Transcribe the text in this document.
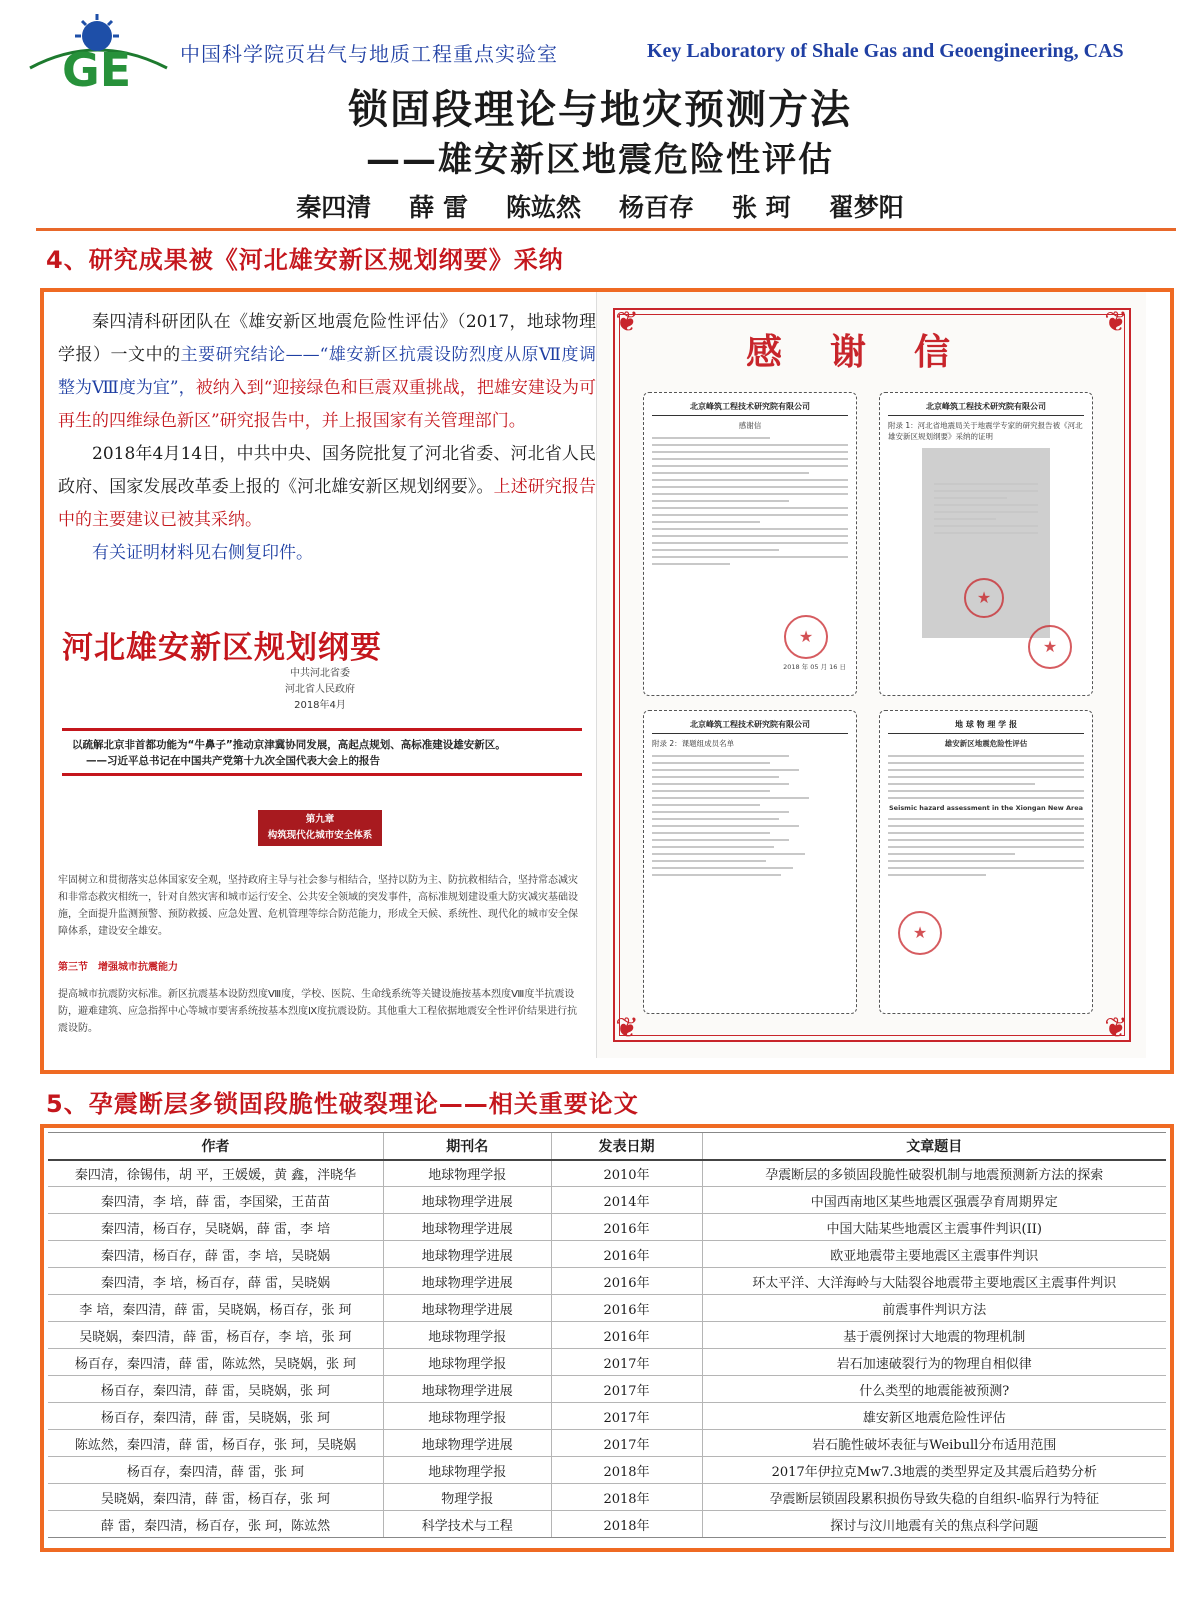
GE 中国科学院页岩气与地质工程重点实验室	Key Laboratory of Shale Gas and Geoengineering, CAS
锁固段理论与地灾预测方法
——雄安新区地震危险性评估
秦四清 薛 雷 陈竑然 杨百存 张 珂 翟梦阳
4、研究成果被《河北雄安新区规划纲要》采纳

秦四清科研团队在《雄安新区地震危险性评估》（2017，地球物理学报）一文中的主要研究结论——“雄安新区抗震设防烈度从原Ⅶ度调整为Ⅷ度为宜”，被纳入到“迎接绿色和巨震双重挑战，把雄安建设为可再生的四维绿色新区”研究报告中，并上报国家有关管理部门。

2018年4月14日，中共中央、国务院批复了河北省委、河北省人民政府、国家发展改革委上报的《河北雄安新区规划纲要》。上述研究报告中的主要建议已被其采纳。

有关证明材料见右侧复印件。

河北雄安新区规划纲要
中共河北省委
河北省人民政府
2018年4月
以疏解北京非首都功能为“牛鼻子”推动京津冀协同发展，高起点规划、高标准建设雄安新区。
——习近平总书记在中国共产党第十九次全国代表大会上的报告
第九章
构筑现代化城市安全体系
牢固树立和贯彻落实总体国家安全观，坚持政府主导与社会参与相结合，坚持以防为主、防抗救相结合，坚持常态减灾和非常态救灾相统一，针对自然灾害和城市运行安全、公共安全领域的突发事件，高标准规划建设重大防灾减灾基础设施，全面提升监测预警、预防救援、应急处置、危机管理等综合防范能力，形成全天候、系统性、现代化的城市安全保障体系，建设安全雄安。
第三节　增强城市抗震能力
提高城市抗震防灾标准。新区抗震基本设防烈度Ⅷ度，学校、医院、生命线系统等关键设施按基本烈度Ⅷ度半抗震设防，避难建筑、应急指挥中心等城市要害系统按基本烈度Ⅸ度抗震设防。其他重大工程依据地震安全性评价结果进行抗震设防。
❦	❦
❦	❦
感谢信
北京峰筑工程技术研究院有限公司
感谢信
★
2018 年 05 月 16 日
北京峰筑工程技术研究院有限公司
附录 1：河北省地震局关于地震学专家的研究报告被《河北雄安新区规划纲要》采纳的证明
★
★
北京峰筑工程技术研究院有限公司
附录 2：课题组成员名单
地 球 物 理 学 报
雄安新区地震危险性评估
Seismic hazard assessment in the Xiongan New Area
★
5、孕震断层多锁固段脆性破裂理论——相关重要论文
作者	期刊名	发表日期	文章题目
秦四清，徐锡伟，胡 平，王媛媛，黄 鑫，泮晓华	地球物理学报	2010年	孕震断层的多锁固段脆性破裂机制与地震预测新方法的探索
秦四清，李 培，薛 雷，李国梁，王苗苗	地球物理学进展	2014年	中国西南地区某些地震区强震孕育周期界定
秦四清，杨百存，吴晓娲，薛 雷，李 培	地球物理学进展	2016年	中国大陆某些地震区主震事件判识(II)
秦四清，杨百存，薛 雷，李 培，吴晓娲	地球物理学进展	2016年	欧亚地震带主要地震区主震事件判识
秦四清，李 培，杨百存，薛 雷，吴晓娲	地球物理学进展	2016年	环太平洋、大洋海岭与大陆裂谷地震带主要地震区主震事件判识
李 培，秦四清，薛 雷，吴晓娲，杨百存，张 珂	地球物理学进展	2016年	前震事件判识方法
吴晓娲，秦四清，薛 雷，杨百存，李 培，张 珂	地球物理学报	2016年	基于震例探讨大地震的物理机制
杨百存，秦四清，薛 雷，陈竑然，吴晓娲，张 珂	地球物理学报	2017年	岩石加速破裂行为的物理自相似律
杨百存，秦四清，薛 雷，吴晓娲，张 珂	地球物理学进展	2017年	什么类型的地震能被预测?
杨百存，秦四清，薛 雷，吴晓娲，张 珂	地球物理学报	2017年	雄安新区地震危险性评估
陈竑然，秦四清，薛 雷，杨百存，张 珂，吴晓娲	地球物理学进展	2017年	岩石脆性破坏表征与Weibull分布适用范围
杨百存，秦四清，薛 雷，张 珂	地球物理学报	2018年	2017年伊拉克Mw7.3地震的类型界定及其震后趋势分析
吴晓娲，秦四清，薛 雷，杨百存，张 珂	物理学报	2018年	孕震断层锁固段累积损伤导致失稳的自组织-临界行为特征
薛 雷，秦四清，杨百存，张 珂，陈竑然	科学技术与工程	2018年	探讨与汶川地震有关的焦点科学问题
